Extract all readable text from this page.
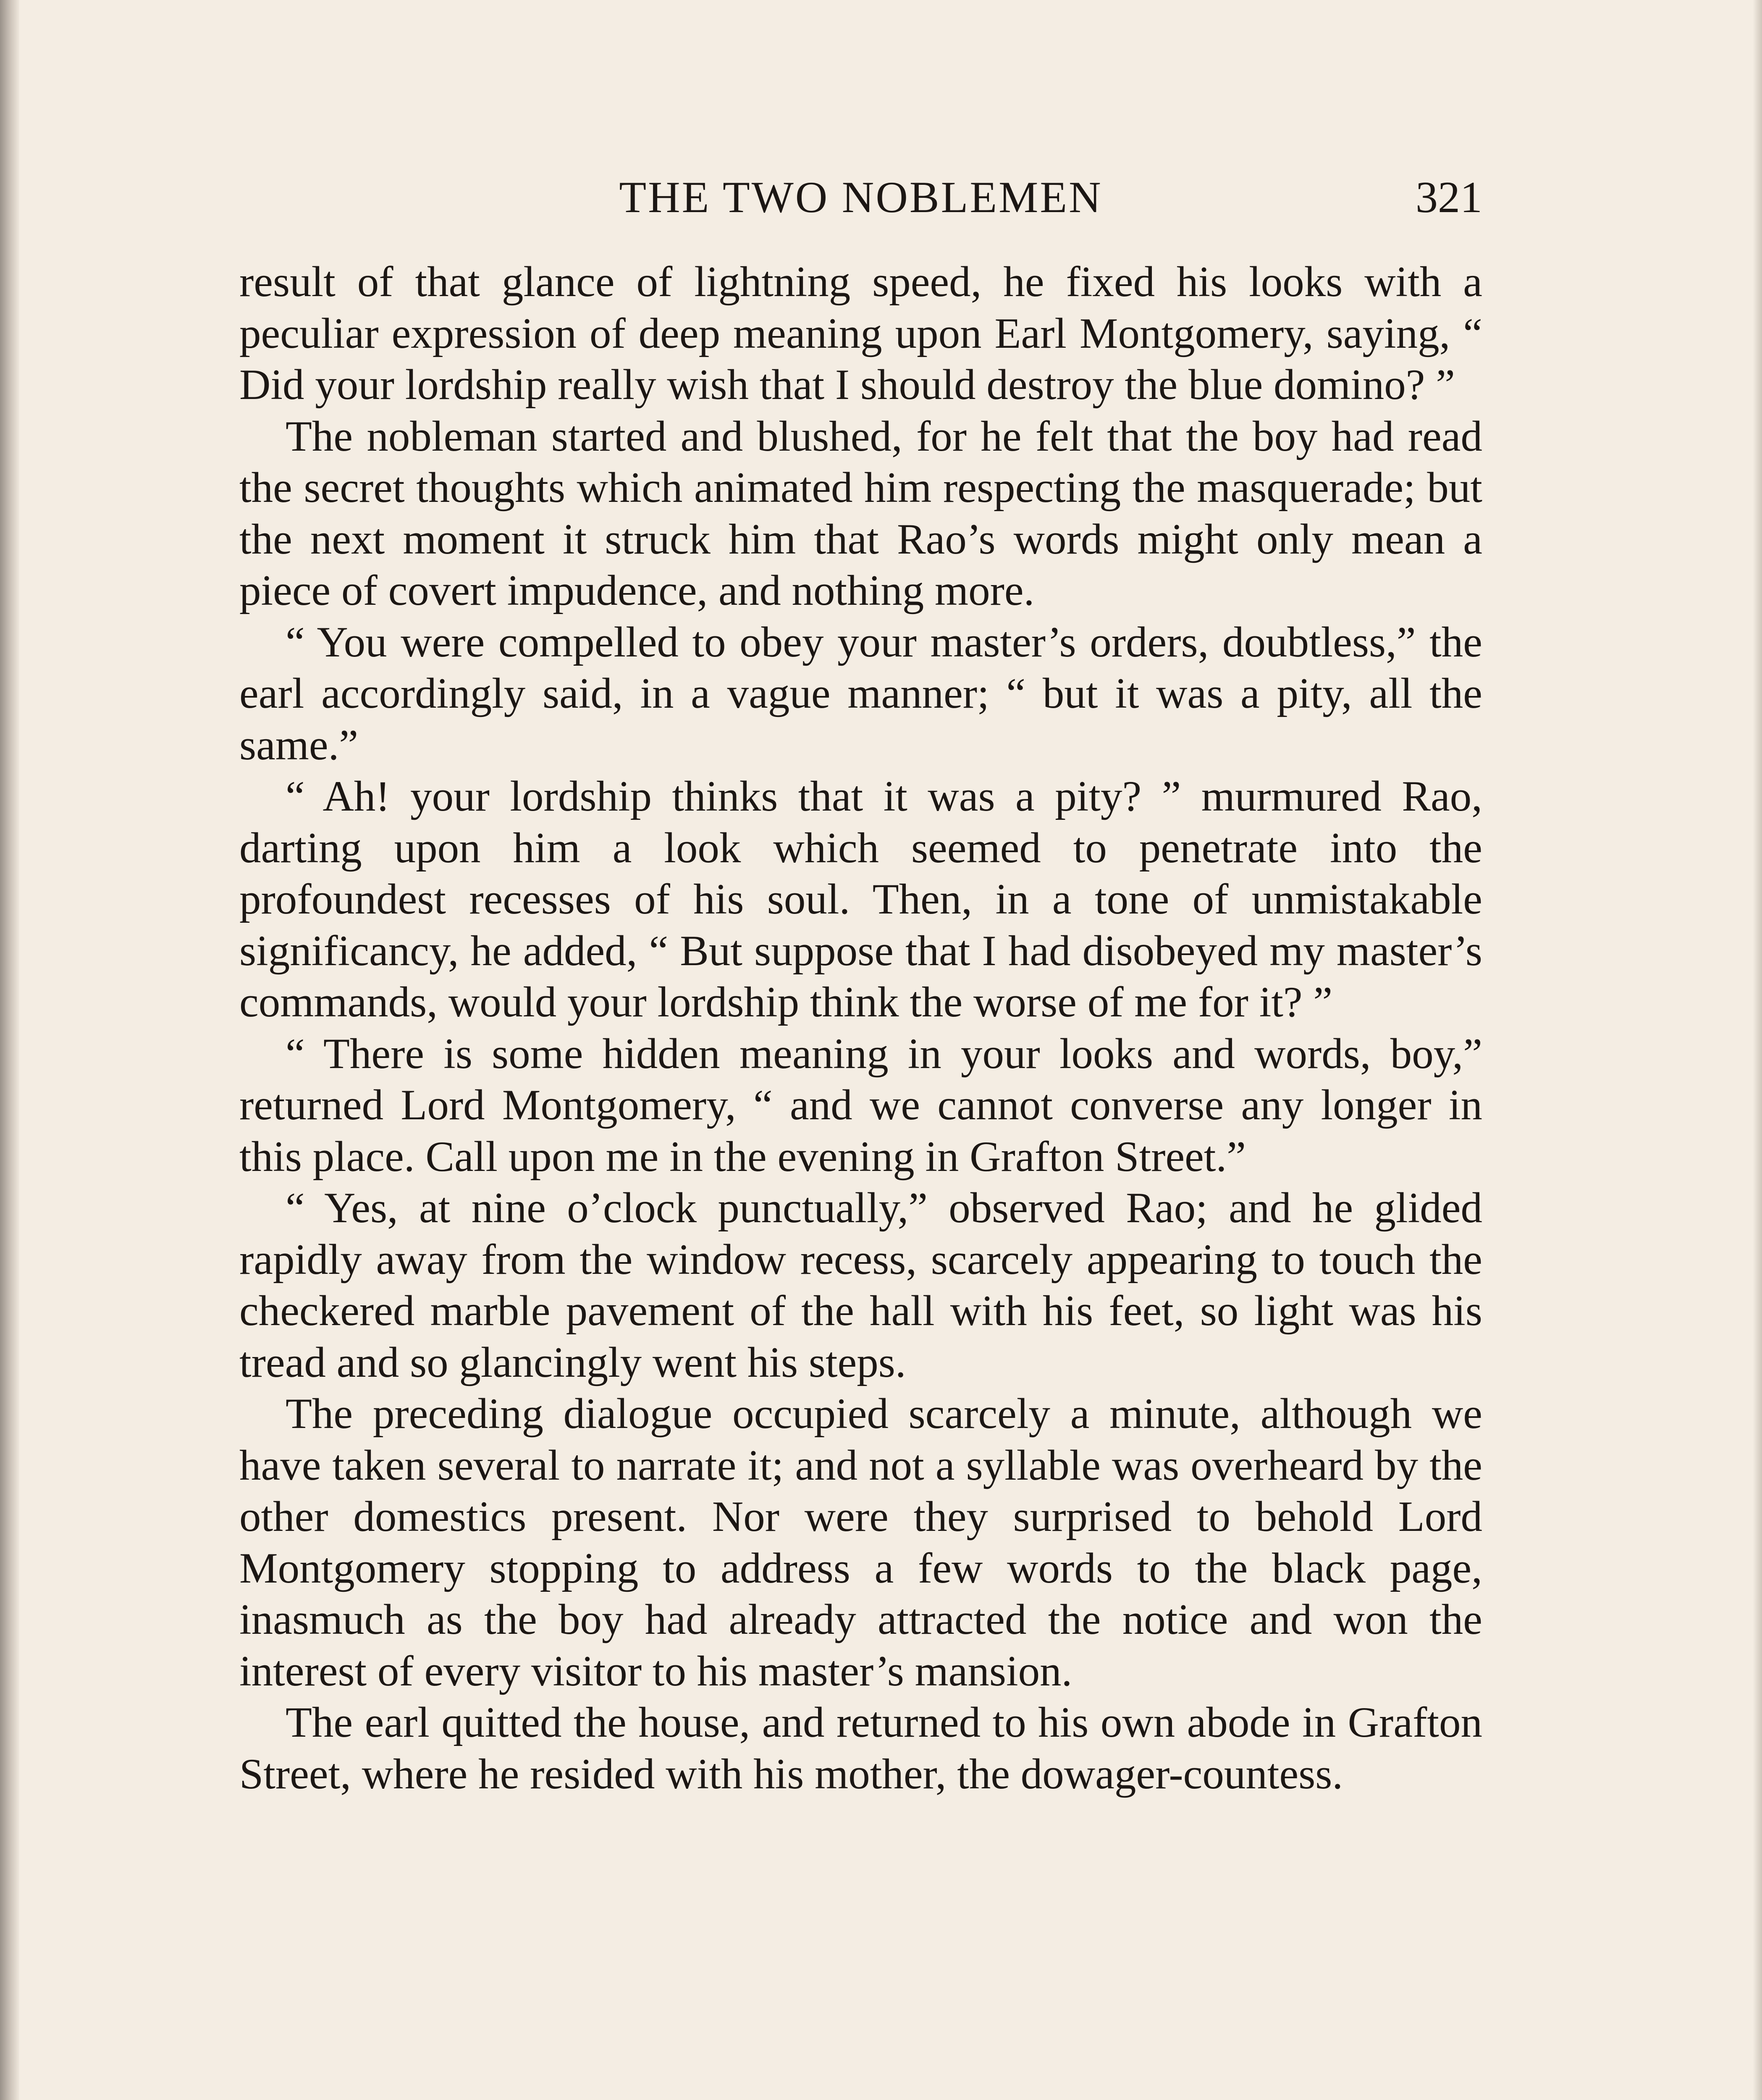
THE TWO NOBLEMEN	321

result of that glance of lightning speed, he fixed his looks with a peculiar expression of deep meaning upon Earl Montgomery, saying, “ Did your lordship really wish that I should destroy the blue domino? ”

The nobleman started and blushed, for he felt that the boy had read the secret thoughts which animated him respecting the masquerade; but the next moment it struck him that Rao’s words might only mean a piece of covert impudence, and nothing more.

“ You were compelled to obey your master’s orders, doubtless,” the earl accordingly said, in a vague manner; “ but it was a pity, all the same.”

“ Ah! your lordship thinks that it was a pity? ” murmured Rao, darting upon him a look which seemed to penetrate into the profoundest recesses of his soul. Then, in a tone of unmistakable significancy, he added, “ But suppose that I had disobeyed my master’s commands, would your lordship think the worse of me for it? ”

“ There is some hidden meaning in your looks and words, boy,” returned Lord Montgomery, “ and we cannot converse any longer in this place. Call upon me in the evening in Grafton Street.”

“ Yes, at nine o’clock punctually,” observed Rao; and he glided rapidly away from the window recess, scarcely appearing to touch the checkered marble pavement of the hall with his feet, so light was his tread and so glancingly went his steps.

The preceding dialogue occupied scarcely a minute, although we have taken several to narrate it; and not a syllable was overheard by the other domestics present. Nor were they surprised to behold Lord Montgomery stopping to address a few words to the black page, inasmuch as the boy had already attracted the notice and won the interest of every visitor to his master’s mansion.

The earl quitted the house, and returned to his own abode in Grafton Street, where he resided with his mother, the dowager-countess.
